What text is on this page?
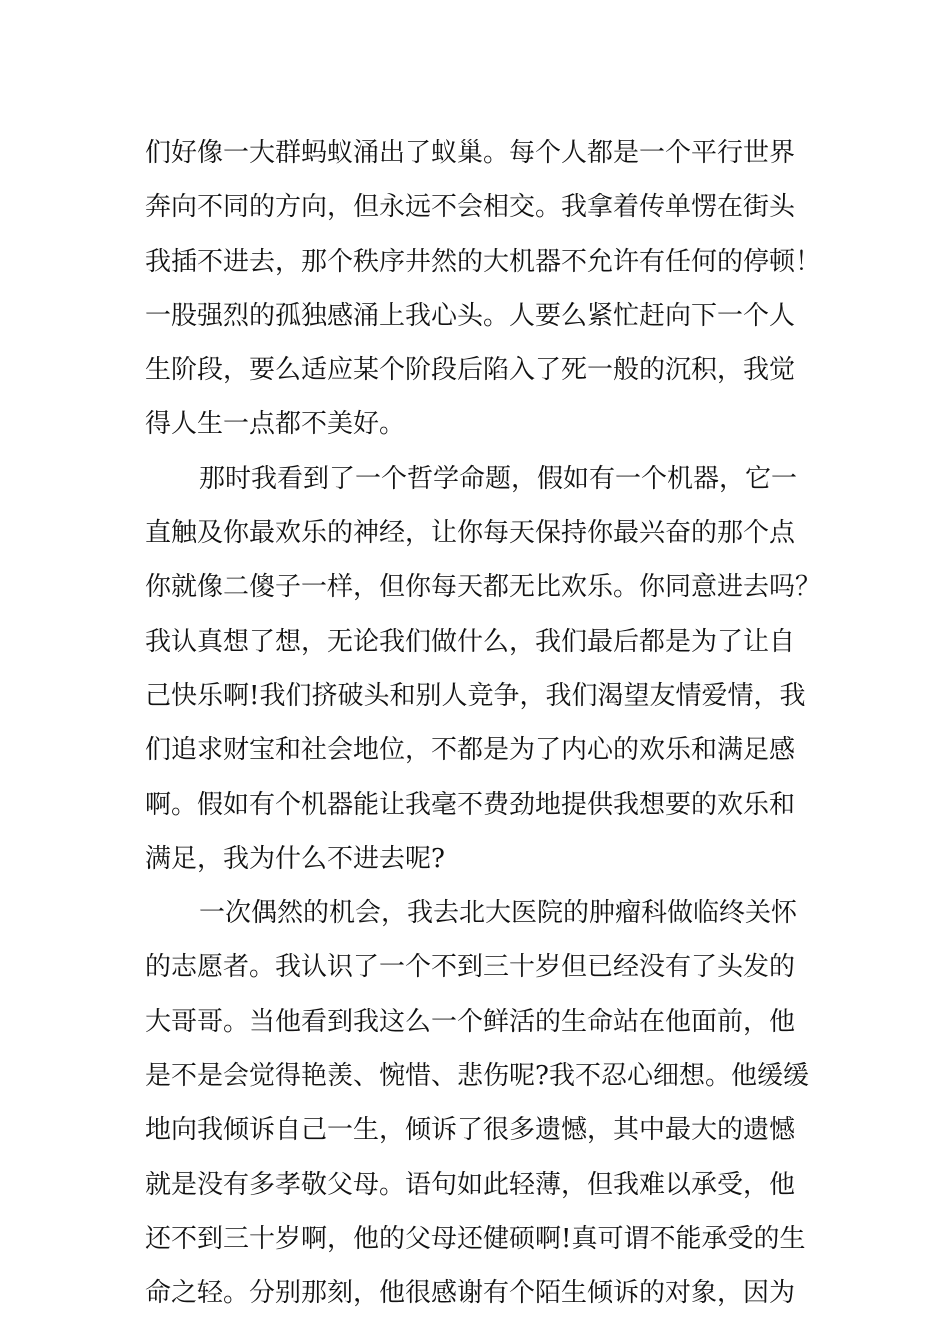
们好像一大群蚂蚁涌出了蚁巢。每个人都是一个平行世界
奔向不同的方向，但永远不会相交。我拿着传单愣在街头
我插不进去，那个秩序井然的大机器不允许有任何的停顿！
一股强烈的孤独感涌上我心头。人要么紧忙赶向下一个人
生阶段，要么适应某个阶段后陷入了死一般的沉积，我觉
得人生一点都不美好。
那时我看到了一个哲学命题，假如有一个机器，它一
直触及你最欢乐的神经，让你每天保持你最兴奋的那个点
你就像二傻子一样，但你每天都无比欢乐。你同意进去吗？
我认真想了想，无论我们做什么，我们最后都是为了让自
己快乐啊!我们挤破头和别人竞争，我们渴望友情爱情，我
们追求财宝和社会地位，不都是为了内心的欢乐和满足感
啊。假如有个机器能让我毫不费劲地提供我想要的欢乐和
满足，我为什么不进去呢?
一次偶然的机会，我去北大医院的肿瘤科做临终关怀
的志愿者。我认识了一个不到三十岁但已经没有了头发的
大哥哥。当他看到我这么一个鲜活的生命站在他面前，他
是不是会觉得艳羡、惋惜、悲伤呢?我不忍心细想。他缓缓
地向我倾诉自己一生，倾诉了很多遗憾，其中最大的遗憾
就是没有多孝敬父母。语句如此轻薄，但我难以承受，他
还不到三十岁啊，他的父母还健硕啊!真可谓不能承受的生
命之轻。分别那刻，他很感谢有个陌生倾诉的对象，因为
